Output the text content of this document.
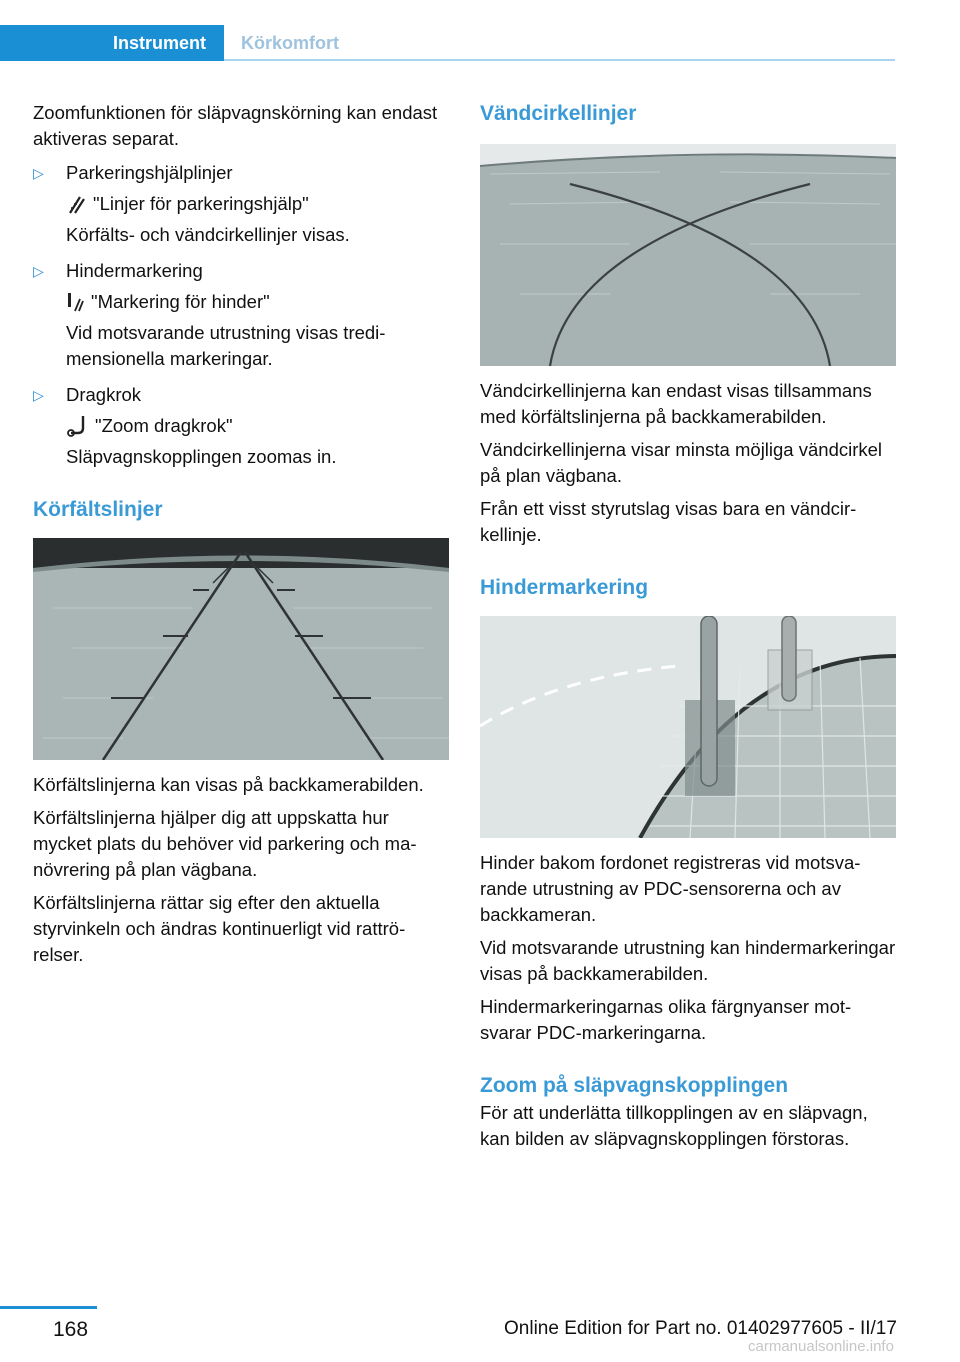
Instrument	Körkomfort

Zoomfunktionen för släpvagnskörning kan endast aktiveras separat.

▷ Parkeringshjälplinjer
"Linjer för parkeringshjälp"
Körfälts- och vändcirkellinjer visas.
▷ Hindermarkering
"Markering för hinder"
Vid motsvarande utrustning visas tredimensionella markeringar.
▷ Dragkrok
"Zoom dragkrok"
Släpvagnskopplingen zoomas in.
Körfältslinjer

Körfältslinjerna kan visas på backkamerabilden.

Körfältslinjerna hjälper dig att uppskatta hur mycket plats du behöver vid parkering och manövrering på plan vägbana.

Körfältslinjerna rättar sig efter den aktuella styrvinkeln och ändras kontinuerligt vid rattrörelser.

Vändcirkellinjer

Vändcirkellinjerna kan endast visas tillsammans med körfältslinjerna på backkamerabilden.

Vändcirkellinjerna visar minsta möjliga vändcirkel på plan vägbana.

Från ett visst styrutslag visas bara en vändcirkellinje.

Hindermarkering

Hinder bakom fordonet registreras vid motsvarande utrustning av PDC-sensorerna och av backkameran.

Vid motsvarande utrustning kan hindermarkeringar visas på backkamerabilden.

Hindermarkeringarnas olika färgnyanser motsvarar PDC-markeringarna.

Zoom på släpvagnskopplingen

För att underlätta tillkopplingen av en släpvagn, kan bilden av släpvagnskopplingen förstoras.

168	Online Edition for Part no. 01402977605 - II/17
carmanualsonline.info
